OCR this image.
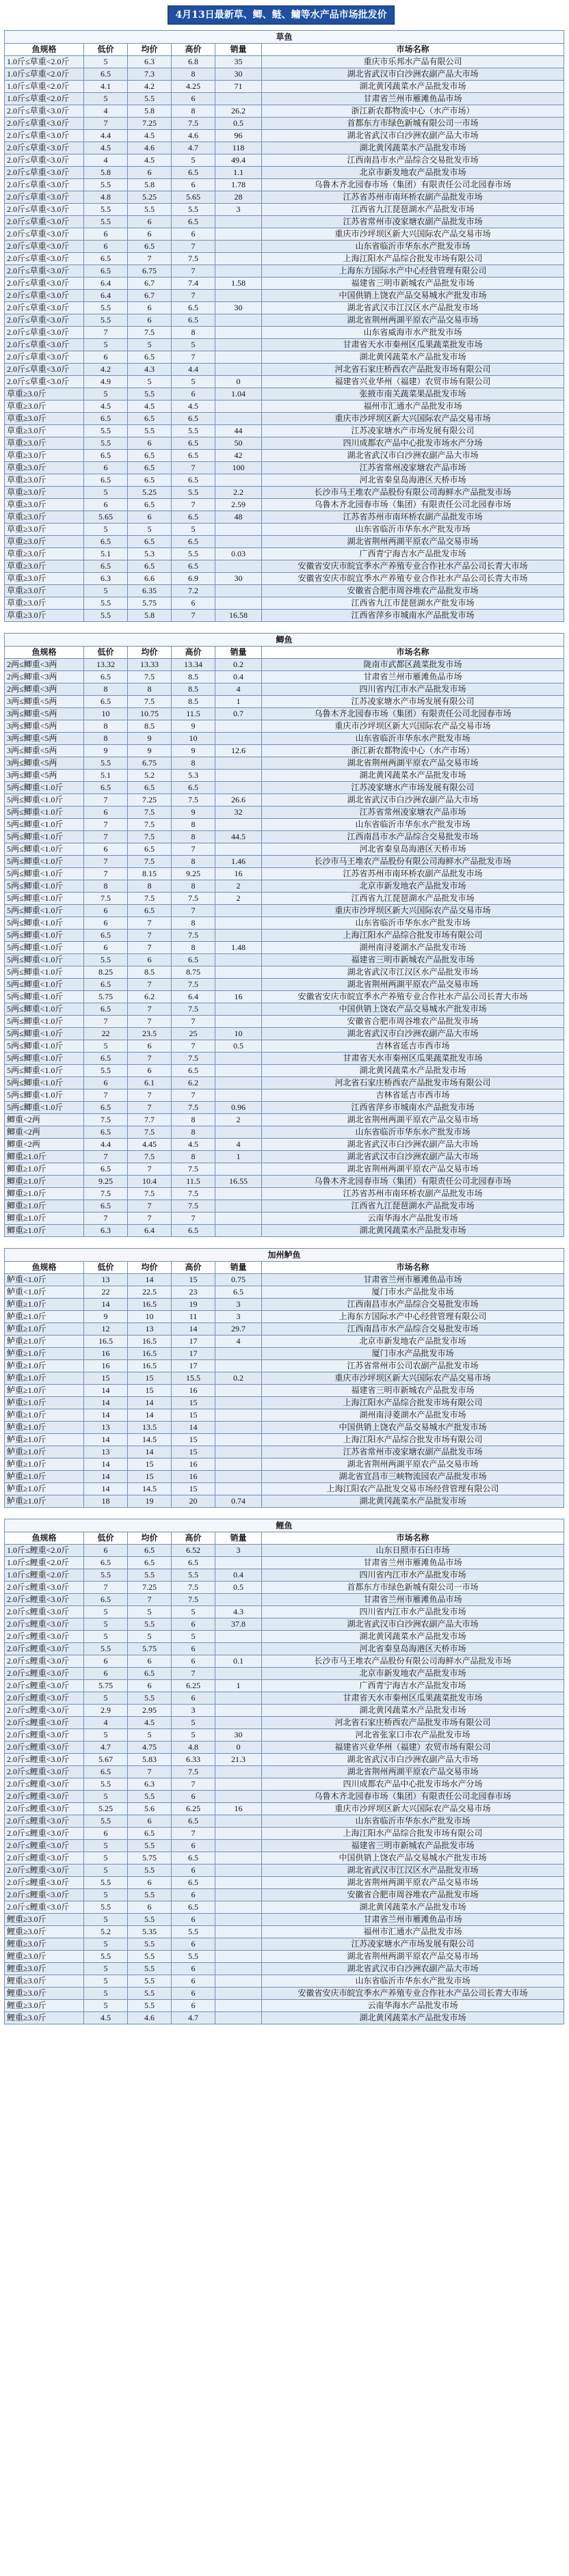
4月13日最新草、鲫、鲢、鳙等水产品市场批发价
草鱼					
鱼规格	低价	均价	高价	销量	市场名称
1.0斤≤草重<2.0斤	5	6.3	6.8	35	重庆市乐邦水产品有限公司
1.0斤≤草重<2.0斤	6.5	7.3	8	30	湖北省武汉市白沙洲农副产品大市场
1.0斤≤草重<2.0斤	4.1	4.2	4.25	71	湖北黄冈蔬菜水产品批发市场
1.0斤≤草重<2.0斤	5	5.5	6		甘肃省兰州市雁滩鱼品市场
2.0斤≤草重<3.0斤	4	5.8	8	26.2	浙江新农都物流中心（水产市场）
2.0斤≤草重<3.0斤	7	7.25	7.5	0.5	首都东方市绿色新城有限公司一市场
2.0斤≤草重<3.0斤	4.4	4.5	4.6	96	湖北省武汉市白沙洲农副产品大市场
2.0斤≤草重<3.0斤	4.5	4.6	4.7	118	湖北黄冈蔬菜水产品批发市场
2.0斤≤草重<3.0斤	4	4.5	5	49.4	江西南昌市水产品综合交易批发市场
2.0斤≤草重<3.0斤	5.8	6	6.5	1.1	北京市新发地农产品批发市场
2.0斤≤草重<3.0斤	5.5	5.8	6	1.78	乌鲁木齐北园春市场（集团）有限责任公司北园春市场
2.0斤≤草重<3.0斤	4.8	5.25	5.65	28	江苏省苏州市南环桥农副产品批发市场
2.0斤≤草重<3.0斤	5.5	5.5	5.5	3	江西省九江琵琶湖水产品批发市场
2.0斤≤草重<3.0斤	5.5	6	6.5		江苏省常州市凌家塘农副产品批发市场
2.0斤≤草重<3.0斤	6	6	6		重庆市沙坪坝区新大兴国际农产品交易市场
2.0斤≤草重<3.0斤	6	6.5	7		山东省临沂市华东水产批发市场
2.0斤≤草重<3.0斤	6.5	7	7.5		上海江阳水产品综合批发市场有限公司
2.0斤≤草重<3.0斤	6.5	6.75	7		上海东方国际水产中心经营管理有限公司
2.0斤≤草重<3.0斤	6.4	6.7	7.4	1.58	福建省三明市新城农产品批发市场
2.0斤≤草重<3.0斤	6.4	6.7	7		中国供销上饶农产品交易城水产批发市场
2.0斤≤草重<3.0斤	5.5	6	6.5	30	湖北省武汉市江汉区水产品批发市场
2.0斤≤草重<3.0斤	5.5	6	6.5		湖北省荆州两湖平原农产品交易市场
2.0斤≤草重<3.0斤	7	7.5	8		山东省威海市水产批发市场
2.0斤≤草重<3.0斤	5	5	5		甘肃省天水市秦州区瓜果蔬菜批发市场
2.0斤≤草重<3.0斤	6	6.5	7		湖北黄冈蔬菜水产品批发市场
2.0斤≤草重<3.0斤	4.2	4.3	4.4		河北省石家庄桥西农产品批发市场有限公司
2.0斤≤草重<3.0斤	4.9	5	5	0	福建省兴业华州（福建）农贸市场有限公司
草重≥3.0斤	5	5.5	6	1.04	张掖市南关蔬菜果品批发市场
草重≥3.0斤	4.5	4.5	4.5		福州市汇通水产品批发市场
草重≥3.0斤	6.5	6.5	6.5		重庆市沙坪坝区新大兴国际农产品交易市场
草重≥3.0斤	5.5	5.5	5.5	44	江苏凌家塘水产市场发展有限公司
草重≥3.0斤	5.5	6	6.5	50	四川成都农产品中心批发市场水产分场
草重≥3.0斤	6.5	6.5	6.5	42	湖北省武汉市白沙洲农副产品大市场
草重≥3.0斤	6	6.5	7	100	江苏省常州凌家塘农产品市场
草重≥3.0斤	6.5	6.5	6.5		河北省秦皇岛海港区天桥市场
草重≥3.0斤	5	5.25	5.5	2.2	长沙市马王堆农产品股份有限公司海鲜水产品批发市场
草重≥3.0斤	6	6.5	7	2.59	乌鲁木齐北园春市场（集团）有限责任公司北园春市场
草重≥3.0斤	5.65	6	6.5	48	江苏省苏州市南环桥农副产品批发市场
草重≥3.0斤	5	5	5		山东省临沂市华东水产批发市场
草重≥3.0斤	6.5	6.5	6.5		湖北省荆州两湖平原农产品交易市场
草重≥3.0斤	5.1	5.3	5.5	0.03	广西青宁海吉水产品批发市场
草重≥3.0斤	6.5	6.5	6.5		安徽省安庆市皖宜季水产养殖专业合作社水产品公司长青大市场
草重≥3.0斤	6.3	6.6	6.9	30	安徽省安庆市皖宜季水产养殖专业合作社水产品公司长青大市场
草重≥3.0斤	5	6.35	7.2		安徽省合肥市周谷堆农产品批发市场
草重≥3.0斤	5.5	5.75	6		江西省九江市琵琶湖水产批发市场
草重≥3.0斤	5.5	5.8	7	16.58	江西省萍乡市城南水产品批发市场

鲫鱼					
鱼规格	低价	均价	高价	销量	市场名称
2两≤鲫重<3两	13.32	13.33	13.34	0.2	陇南市武都区蔬菜批发市场
2两≤鲫重<3两	6.5	7.5	8.5	0.4	甘肃省兰州市雁滩鱼品市场
2两≤鲫重<3两	8	8	8.5	4	四川省内江市水产品批发市场
3两≤鲫重<5两	6.5	7.5	8.5	1	江苏凌家塘水产市场发展有限公司
3两≤鲫重<5两	10	10.75	11.5	0.7	乌鲁木齐北园春市场（集团）有限责任公司北园春市场
3两≤鲫重<5两	8	8.5	9		重庆市沙坪坝区新大兴国际农产品交易市场
3两≤鲫重<5两	8	9	10		山东省临沂市华东水产批发市场
3两≤鲫重<5两	9	9	9	12.6	浙江新农都物流中心（水产市场）
3两≤鲫重<5两	5.5	6.75	8		湖北省荆州两湖平原农产品交易市场
3两≤鲫重<5两	5.1	5.2	5.3		湖北黄冈蔬菜水产品批发市场
5两≤鲫重<1.0斤	6.5	6.5	6.5		江苏凌家塘水产市场发展有限公司
5两≤鲫重<1.0斤	7	7.25	7.5	26.6	湖北省武汉市白沙洲农副产品大市场
5两≤鲫重<1.0斤	6	7.5	9	32	江苏省常州凌家塘农产品市场
5两≤鲫重<1.0斤	7	7.5	8		山东省临沂市华东水产批发市场
5两≤鲫重<1.0斤	7	7.5	8	44.5	江西南昌市水产品综合交易批发市场
5两≤鲫重<1.0斤	6	6.5	7		河北省秦皇岛海港区天桥市场
5两≤鲫重<1.0斤	7	7.5	8	1.46	长沙市马王堆农产品股份有限公司海鲜水产品批发市场
5两≤鲫重<1.0斤	7	8.15	9.25	16	江苏省苏州市南环桥农副产品批发市场
5两≤鲫重<1.0斤	8	8	8	2	北京市新发地农产品批发市场
5两≤鲫重<1.0斤	7.5	7.5	7.5	2	江西省九江琵琶湖水产品批发市场
5两≤鲫重<1.0斤	6	6.5	7		重庆市沙坪坝区新大兴国际农产品交易市场
5两≤鲫重<1.0斤	6	7	8		山东省临沂市华东水产批发市场
5两≤鲫重<1.0斤	6.5	7	7.5		上海江阳水产品综合批发市场有限公司
5两≤鲫重<1.0斤	6	7	8	1.48	湖州南浔菱湖水产品批发市场
5两≤鲫重<1.0斤	5.5	6	6.5		福建省三明市新城农产品批发市场
5两≤鲫重<1.0斤	8.25	8.5	8.75		湖北省武汉市江汉区水产品批发市场
5两≤鲫重<1.0斤	6.5	7	7.5		湖北省荆州两湖平原农产品交易市场
5两≤鲫重<1.0斤	5.75	6.2	6.4	16	安徽省安庆市皖宜季水产养殖专业合作社水产品公司长青大市场
5两≤鲫重<1.0斤	6.5	7	7.5		中国供销上饶农产品交易城水产批发市场
5两≤鲫重<1.0斤	7	7	7		安徽省合肥市周谷堆农产品批发市场
5两≤鲫重<1.0斤	22	23.5	25	10	湖北省武汉市白沙洲农副产品大市场
5两≤鲫重<1.0斤	5	6	7	0.5	吉林省延吉市西市场
5两≤鲫重<1.0斤	6.5	7	7.5		甘肃省天水市秦州区瓜果蔬菜批发市场
5两≤鲫重<1.0斤	5.5	6	6.5		湖北黄冈蔬菜水产品批发市场
5两≤鲫重<1.0斤	6	6.1	6.2		河北省石家庄桥西农产品批发市场有限公司
5两≤鲫重<1.0斤	7	7	7		吉林省延吉市西市场
5两≤鲫重<1.0斤	6.5	7	7.5	0.96	江西省萍乡市城南水产品批发市场
鲫重<2两	7.5	7.7	8	2	湖北省荆州两湖平原农产品交易市场
鲫重<2两	6.5	7.5	8		山东省临沂市华东水产批发市场
鲫重<2两	4.4	4.45	4.5	4	湖北省武汉市白沙洲农副产品大市场
鲫重≥1.0斤	7	7.5	8	1	湖北省武汉市白沙洲农副产品大市场
鲫重≥1.0斤	6.5	7	7.5		湖北省荆州两湖平原农产品交易市场
鲫重≥1.0斤	9.25	10.4	11.5	16.55	乌鲁木齐北园春市场（集团）有限责任公司北园春市场
鲫重≥1.0斤	7.5	7.5	7.5		江苏省苏州市南环桥农副产品批发市场
鲫重≥1.0斤	6.5	7	7.5		江西省九江琵琶湖水产品批发市场
鲫重≥1.0斤	7	7	7		云南华海水产品批发市场
鲫重≥1.0斤	6.3	6.4	6.5		湖北黄冈蔬菜水产品批发市场

加州鲈鱼					
鱼规格	低价	均价	高价	销量	市场名称
鲈重<1.0斤	13	14	15	0.75	甘肃省兰州市雁滩鱼品市场
鲈重<1.0斤	22	22.5	23	6.5	厦门市水产品批发市场
鲈重≥1.0斤	14	16.5	19	3	江西南昌市水产品综合交易批发市场
鲈重≥1.0斤	9	10	11	3	上海东方国际水产中心经营管理有限公司
鲈重≥1.0斤	12	13	14	29.7	江西南昌市水产品综合交易批发市场
鲈重≥1.0斤	16.5	16.5	17	4	北京市新发地农产品批发市场
鲈重≥1.0斤	16	16.5	17		厦门市水产品批发市场
鲈重≥1.0斤	16	16.5	17		江苏省常州市公司农副产品批发市场
鲈重≥1.0斤	15	15	15.5	0.2	重庆市沙坪坝区新大兴国际农产品交易市场
鲈重≥1.0斤	14	15	16		福建省三明市新城农产品批发市场
鲈重≥1.0斤	14	14	15		上海江阳水产品综合批发市场有限公司
鲈重≥1.0斤	14	14	15		湖州南浔菱湖水产品批发市场
鲈重≥1.0斤	13	13.5	14		中国供销上饶农产品交易城水产批发市场
鲈重≥1.0斤	14	14.5	15		上海江阳水产品综合批发市场有限公司
鲈重≥1.0斤	13	14	15		江苏省常州市凌家塘农副产品批发市场
鲈重≥1.0斤	14	15	16		湖北省荆州两湖平原农产品交易市场
鲈重≥1.0斤	14	15	16		湖北省宜昌市三峡物流园农产品批发市场
鲈重≥1.0斤	14	14.5	15		上海江阳农产品批发交易市场经营管理有限公司
鲈重≥1.0斤	18	19	20	0.74	湖北黄冈蔬菜水产品批发市场

鲤鱼					
鱼规格	低价	均价	高价	销量	市场名称
1.0斤≤鲤重<2.0斤	6	6.5	6.52	3	山东日照市石臼市场
1.0斤≤鲤重<2.0斤	6.5	6.5	6.5		甘肃省兰州市雁滩鱼品市场
1.0斤≤鲤重<2.0斤	5.5	5.5	5.5	0.4	四川省内江市水产品批发市场
2.0斤≤鲤重<3.0斤	7	7.25	7.5	0.5	首都东方市绿色新城有限公司一市场
2.0斤≤鲤重<3.0斤	6.5	7	7.5		甘肃省兰州市雁滩鱼品市场
2.0斤≤鲤重<3.0斤	5	5	5	4.3	四川省内江市水产品批发市场
2.0斤≤鲤重<3.0斤	5	5.5	6	37.8	湖北省武汉市白沙洲农副产品大市场
2.0斤≤鲤重<3.0斤	5	5	5		湖北黄冈蔬菜水产品批发市场
2.0斤≤鲤重<3.0斤	5.5	5.75	6		河北省秦皇岛海港区天桥市场
2.0斤≤鲤重<3.0斤	6	6	6	0.1	长沙市马王堆农产品股份有限公司海鲜水产品批发市场
2.0斤≤鲤重<3.0斤	6	6.5	7		北京市新发地农产品批发市场
2.0斤≤鲤重<3.0斤	5.75	6	6.25	1	广西青宁海吉水产品批发市场
2.0斤≤鲤重<3.0斤	5	5.5	6		甘肃省天水市秦州区瓜果蔬菜批发市场
2.0斤≤鲤重<3.0斤	2.9	2.95	3		湖北黄冈蔬菜水产品批发市场
2.0斤≤鲤重<3.0斤	4	4.5	5		河北省石家庄桥西农产品批发市场有限公司
2.0斤≤鲤重<3.0斤	5	5	5	30	河北省张家口市农产品批发市场
2.0斤≤鲤重<3.0斤	4.7	4.75	4.8	0	福建省兴业华州（福建）农贸市场有限公司
2.0斤≤鲤重<3.0斤	5.67	5.83	6.33	21.3	湖北省武汉市白沙洲农副产品大市场
2.0斤≤鲤重<3.0斤	6.5	7	7.5		湖北省荆州两湖平原农产品交易市场
2.0斤≤鲤重<3.0斤	5.5	6.3	7		四川成都农产品中心批发市场水产分场
2.0斤≤鲤重<3.0斤	5	5.5	6		乌鲁木齐北园春市场（集团）有限责任公司北园春市场
2.0斤≤鲤重<3.0斤	5.25	5.6	6.25	16	重庆市沙坪坝区新大兴国际农产品交易市场
2.0斤≤鲤重<3.0斤	5.5	6	6.5		山东省临沂市华东水产批发市场
2.0斤≤鲤重<3.0斤	6	6.5	7		上海江阳水产品综合批发市场有限公司
2.0斤≤鲤重<3.0斤	5	5.5	6		福建省三明市新城农产品批发市场
2.0斤≤鲤重<3.0斤	5	5.75	6.5		中国供销上饶农产品交易城水产批发市场
2.0斤≤鲤重<3.0斤	5	5.5	6		湖北省武汉市江汉区水产品批发市场
2.0斤≤鲤重<3.0斤	5.5	6	6.5		湖北省荆州两湖平原农产品交易市场
2.0斤≤鲤重<3.0斤	5	5.5	6		安徽省合肥市周谷堆农产品批发市场
2.0斤≤鲤重<3.0斤	5.5	6	6.5		湖北黄冈蔬菜水产品批发市场
鲤重≥3.0斤	5	5.5	6		甘肃省兰州市雁滩鱼品市场
鲤重≥3.0斤	5.2	5.35	5.5		福州市汇通水产品批发市场
鲤重≥3.0斤	5	5.5	6		江苏凌家塘水产市场发展有限公司
鲤重≥3.0斤	5.5	5.5	5.5		湖北省荆州两湖平原农产品交易市场
鲤重≥3.0斤	5	5.5	6		湖北省武汉市白沙洲农副产品大市场
鲤重≥3.0斤	5	5.5	6		山东省临沂市华东水产批发市场
鲤重≥3.0斤	5	5.5	6		安徽省安庆市皖宜季水产养殖专业合作社水产品公司长青大市场
鲤重≥3.0斤	5	5.5	6		云南华海水产品批发市场
鲤重≥3.0斤	4.5	4.6	4.7		湖北黄冈蔬菜水产品批发市场
